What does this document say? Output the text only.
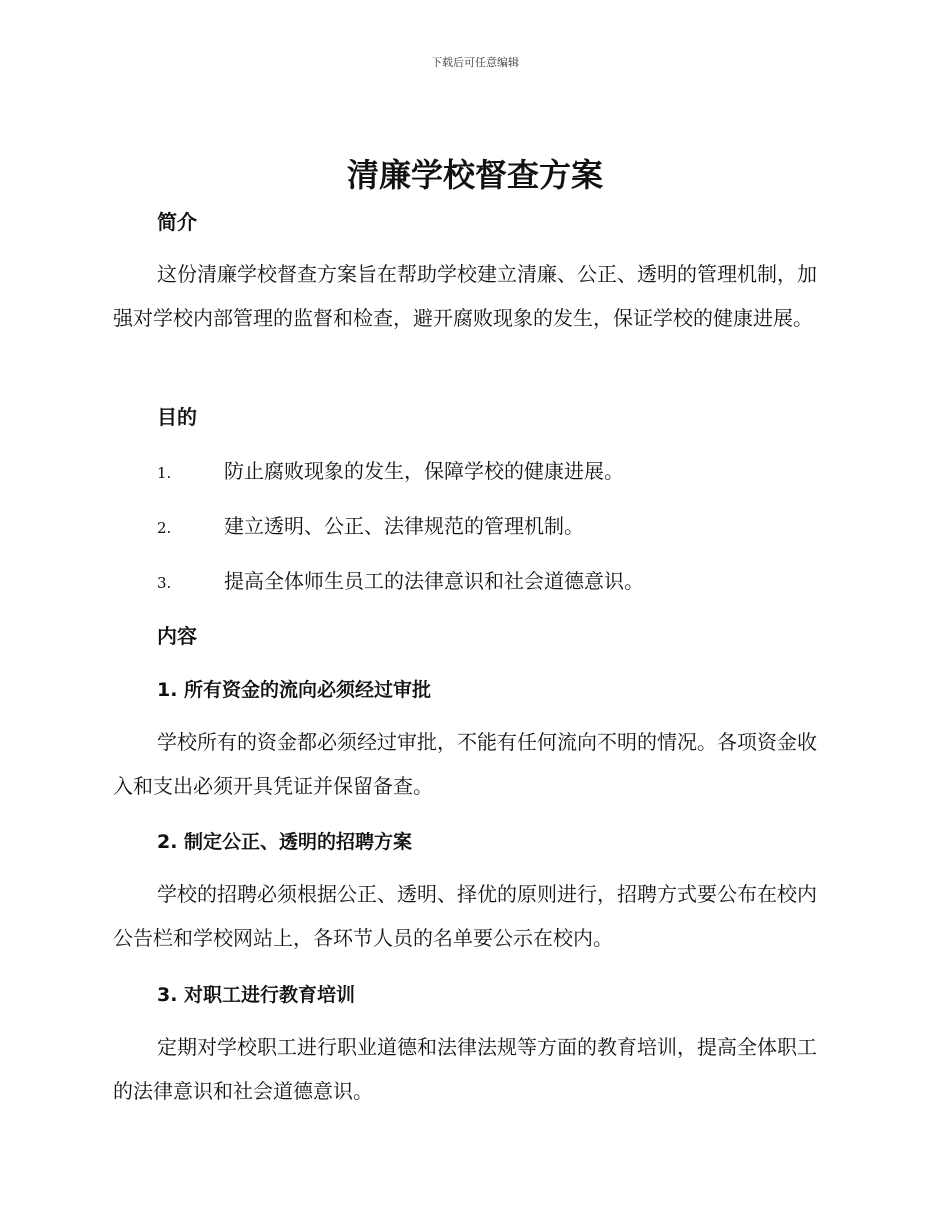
下载后可任意编辑
清廉学校督查方案
简介

这份清廉学校督查方案旨在帮助学校建立清廉、公正、透明的管理机制，加强对学校内部管理的监督和检查，避开腐败现象的发生，保证学校的健康进展。

目的
1.	防止腐败现象的发生，保障学校的健康进展。
2.	建立透明、公正、法律规范的管理机制。
3.	提高全体师生员工的法律意识和社会道德意识。
内容
1. 所有资金的流向必须经过审批

学校所有的资金都必须经过审批，不能有任何流向不明的情况。各项资金收入和支出必须开具凭证并保留备查。

2. 制定公正、透明的招聘方案

学校的招聘必须根据公正、透明、择优的原则进行，招聘方式要公布在校内公告栏和学校网站上，各环节人员的名单要公示在校内。

3. 对职工进行教育培训

定期对学校职工进行职业道德和法律法规等方面的教育培训，提高全体职工的法律意识和社会道德意识。
